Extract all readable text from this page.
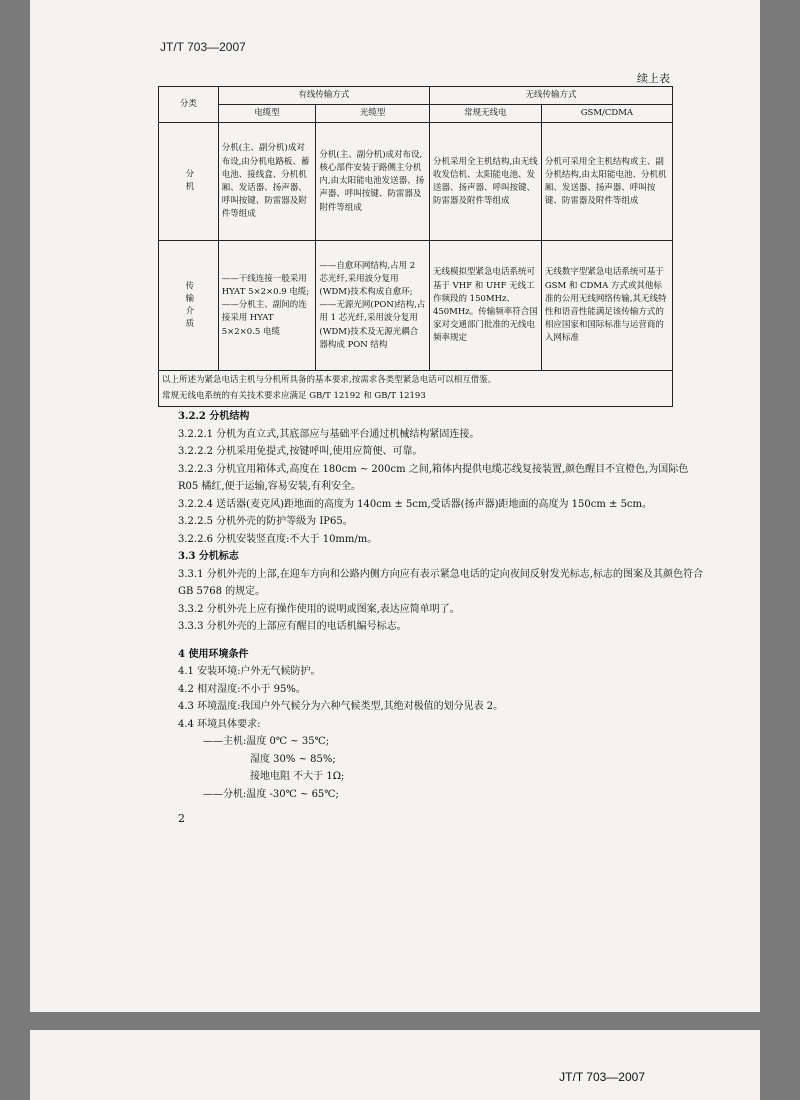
JT/T 703—2007
续上表
分类	有线传输方式		无线传输方式	
	电缆型	光缆型	常规无线电	GSM/CDMA

分机	分机(主、副分机)成对布设,由分机电路板、蓄电池、接线盒、分机机厢、发话器、扬声器、呼叫按键、防雷器及附件等组成	分机(主、副分机)成对布设,核心部件安装于路侧主分机内,由太阳能电池发送器、扬声器、呼叫按键、防雷器及附件等组成	分机采用全主机结构,由无线收发信机、太阳能电池、发送器、扬声器、呼叫按键、防雷器及附件等组成	分机可采用全主机结构或主、副分机结构,由太阳能电池、分机机厢、发送器、扬声器、呼叫按键、防雷器及附件等组成

传输介质	——干线连接一般采用 HYAT 5×2×0.9 电缆;——分机主、副间的连接采用 HYAT 5×2×0.5 电缆	——自愈环网结构,占用 2 芯光纤,采用波分复用(WDM)技术构成自愈环;——无源光网(PON)结构,占用 1 芯光纤,采用波分复用(WDM)技术及无源光耦合器构成 PON 结构	无线模拟型紧急电话系统可基于 VHF 和 UHF 无线工作频段的 150MHz、450MHz。传输频率符合国家对交通部门批准的无线电频率规定	无线数字型紧急电话系统可基于 GSM 和 CDMA 方式或其他标准的公用无线网络传输,其无线特性和语音性能满足该传输方式的相应国家和国际标准与运营商的入网标准

以上所述为紧急电话主机与分机所具备的基本要求,按需求各类型紧急电话可以相互借鉴。
常规无线电系统的有关技术要求应满足 GB/T 12192 和 GB/T 12193				

3.2.2 分机结构

3.2.2.1 分机为直立式,其底部应与基础平台通过机械结构紧固连接。

3.2.2.2 分机采用免提式,按键呼叫,使用应简便、可靠。

3.2.2.3 分机宜用箱体式,高度在 180cm ~ 200cm 之间,箱体内提供电缆芯线复接装置,颜色醒目不宜橙色,为国际色 R05 橘红,便于运输,容易安装,有利安全。

3.2.2.4 送话器(麦克风)距地面的高度为 140cm ± 5cm,受话器(扬声器)距地面的高度为 150cm ± 5cm。

3.2.2.5 分机外壳的防护等级为 IP65。

3.2.2.6 分机安装竖直度:不大于 10mm/m。

3.3 分机标志

3.3.1 分机外壳的上部,在迎车方向和公路内侧方向应有表示紧急电话的定向夜间反射发光标志,标志的图案及其颜色符合 GB 5768 的规定。

3.3.2 分机外壳上应有操作使用的说明或图案,表达应简单明了。

3.3.3 分机外壳的上部应有醒目的电话机编号标志。

4 使用环境条件

4.1 安装环境:户外无气候防护。

4.2 相对湿度:不小于 95%。

4.3 环境温度:我国户外气候分为六种气候类型,其绝对极值的划分见表 2。

4.4 环境具体要求:

——主机:温度 0℃ ~ 35℃;

湿度 30% ~ 85%;

接地电阻 不大于 1Ω;

——分机:温度 -30℃ ~ 65℃;

2
JT/T 703—2007
